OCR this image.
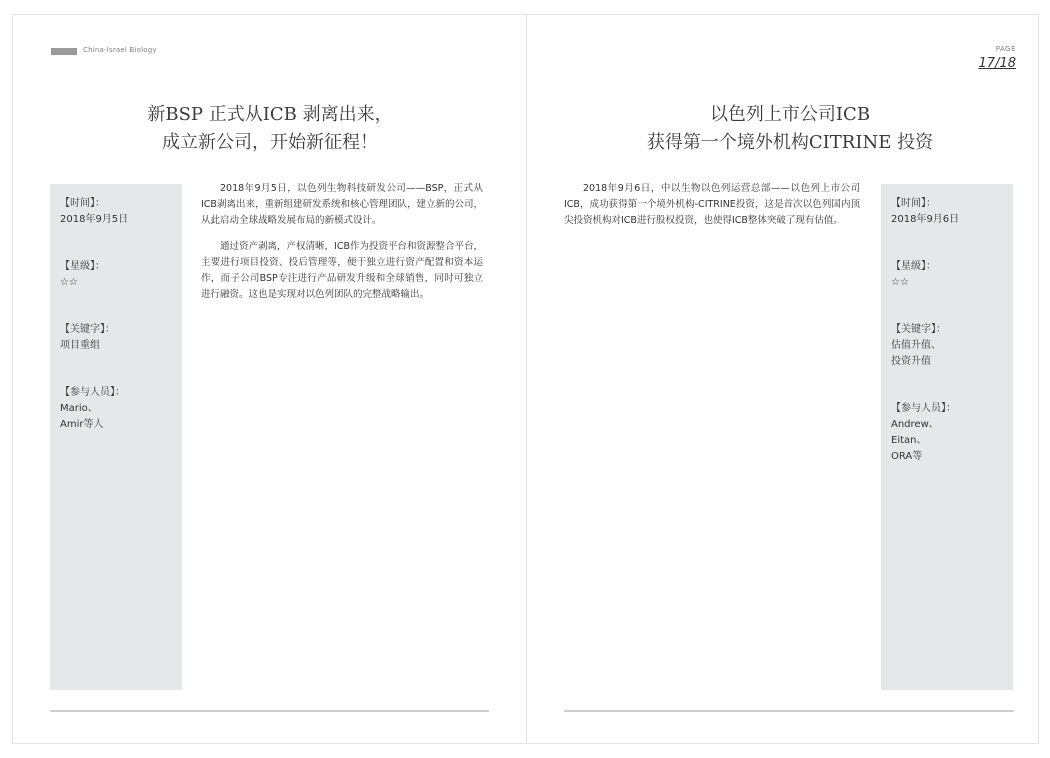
China-Israel Biology
新BSP 正式从ICB 剥离出来，
成立新公司，开始新征程！
【时间】：
2018年9月5日
【星级】：
☆☆
【关键字】：
项目重组
【参与人员】：
Mario、
Amir等人

2018年9月5日，以色列生物科技研发公司——BSP，正式从ICB剥离出来，重新组建研发系统和核心管理团队，建立新的公司，从此启动全球战略发展布局的新模式设计。

通过资产剥离，产权清晰，ICB作为投资平台和资源整合平台，主要进行项目投资、投后管理等，便于独立进行资产配置和资本运作，而子公司BSP专注进行产品研发升级和全球销售，同时可独立进行融资。这也是实现对以色列团队的完整战略输出。

PAGE
17/18
以色列上市公司ICB
获得第一个境外机构CITRINE 投资

2018年9月6日，中以生物以色列运营总部——以色列上市公司ICB，成功获得第一个境外机构-CITRINE投资，这是首次以色列国内顶尖投资机构对ICB进行股权投资，也使得ICB整体突破了现有估值。

【时间】：
2018年9月6日
【星级】：
☆☆
【关键字】：
估值升值、
投资升值
【参与人员】：
Andrew、
Eitan、
ORA等
